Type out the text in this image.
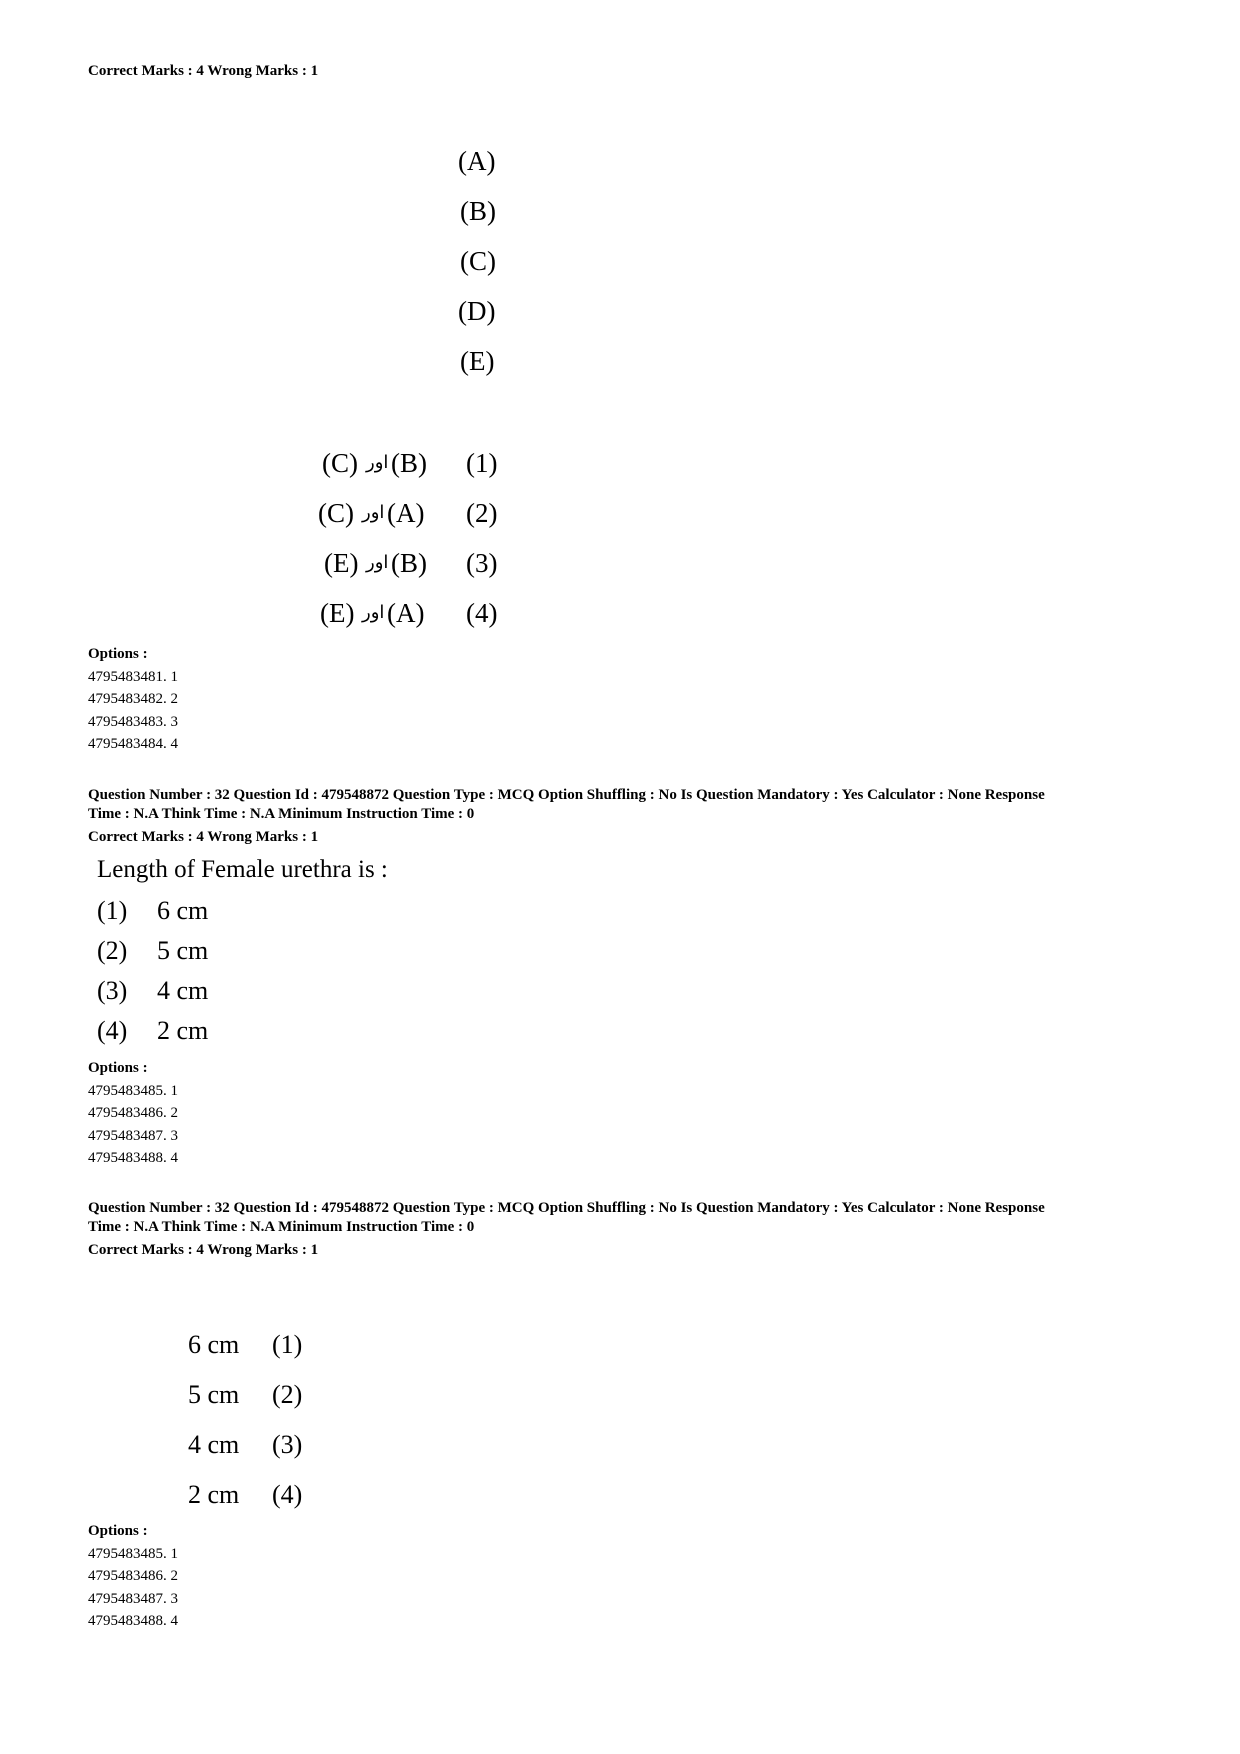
Correct Marks : 4 Wrong Marks : 1
(A)
(B)
(C)
(D)
(E)
(C) اور (B) (1)
(C) اور (A) (2)
(E) اور (B) (3)
(E) اور (A) (4)
Options :
4795483481. 1
4795483482. 2
4795483483. 3
4795483484. 4
Question Number : 32 Question Id : 479548872 Question Type : MCQ Option Shuffling : No Is Question Mandatory : Yes Calculator : None Response
Time : N.A Think Time : N.A Minimum Instruction Time : 0
Correct Marks : 4 Wrong Marks : 1
Length of Female urethra is :
(1) 6 cm
(2) 5 cm
(3) 4 cm
(4) 2 cm
Options :
4795483485. 1
4795483486. 2
4795483487. 3
4795483488. 4
Question Number : 32 Question Id : 479548872 Question Type : MCQ Option Shuffling : No Is Question Mandatory : Yes Calculator : None Response
Time : N.A Think Time : N.A Minimum Instruction Time : 0
Correct Marks : 4 Wrong Marks : 1
6 cm (1)
5 cm (2)
4 cm (3)
2 cm (4)
Options :
4795483485. 1
4795483486. 2
4795483487. 3
4795483488. 4
